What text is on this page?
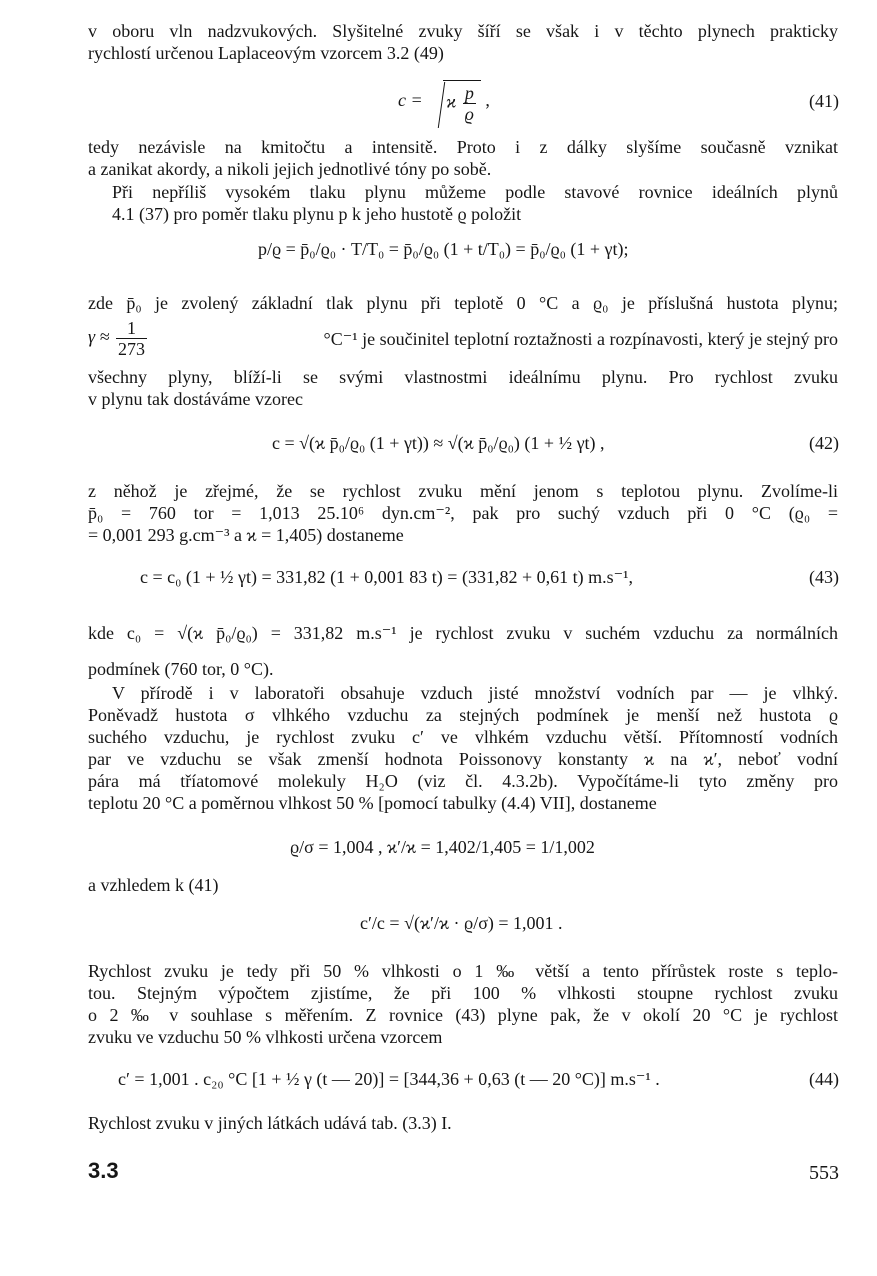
v oboru vln nadzvukových. Slyšitelné zvuky šíří se však i v těchto plynech prakticky
rychlostí určenou Laplaceovým vzorcem 3.2 (49)

c = ϰ $\frac{p}{ϱ}$ ,	(41)

tedy nezávisle na kmitočtu a intensitě. Proto i z dálky slyšíme současně vznikat
a zanikat akordy, a nikoli jejich jednotlivé tóny po sobě.

Při nepříliš vysokém tlaku plynu můžeme podle stavové rovnice ideálních plynů
4.1 (37) pro poměr tlaku plynu p k jeho hustotě ϱ položit

p/ϱ = p̄₀/ϱ₀ · T/T₀ = p̄₀/ϱ₀ (1 + t/T₀) = p̄₀/ϱ₀ (1 + γt);

zde p̄₀ je zvolený základní tlak plynu při teplotě 0 °C a ϱ₀ je příslušná hustota plynu;

$\gamma \approx \frac{1}{273}$	°C⁻¹ je součinitel teplotní roztažnosti a rozpínavosti, který je stejný pro

všechny plyny, blíží-li se svými vlastnostmi ideálnímu plynu. Pro rychlost zvuku
v plynu tak dostáváme vzorec

c = √(ϰ p̄₀/ϱ₀ (1 + γt)) ≈ √(ϰ p̄₀/ϱ₀) (1 + ½ γt) ,	(42)

z něhož je zřejmé, že se rychlost zvuku mění jenom s teplotou plynu. Zvolíme-li
p̄₀ = 760 tor = 1,013 25.10⁶ dyn.cm⁻², pak pro suchý vzduch při 0 °C (ϱ₀ =
= 0,001 293 g.cm⁻³ a ϰ = 1,405) dostaneme

c = c₀ (1 + ½ γt) = 331,82 (1 + 0,001 83 t) = (331,82 + 0,61 t) m.s⁻¹,	(43)

kde c₀ = √(ϰ p̄₀/ϱ₀) = 331,82 m.s⁻¹ je rychlost zvuku v suchém vzduchu za normálních

podmínek (760 tor, 0 °C).

V přírodě i v laboratoři obsahuje vzduch jisté množství vodních par — je vlhký.

Poněvadž hustota σ vlhkého vzduchu za stejných podmínek je menší než hustota ϱ
suchého vzduchu, je rychlost zvuku c′ ve vlhkém vzduchu větší. Přítomností vodních
par ve vzduchu se však zmenší hodnota Poissonovy konstanty ϰ na ϰ′, neboť vodní
pára má tříatomové molekuly H₂O (viz čl. 4.3.2b). Vypočítáme-li tyto změny pro
teplotu 20 °C a poměrnou vlhkost 50 % [pomocí tabulky (4.4) VII], dostaneme

ϱ/σ = 1,004 , ϰ′/ϰ = 1,402/1,405 = 1/1,002

a vzhledem k (41)

c′/c = √(ϰ′/ϰ · ϱ/σ) = 1,001 .

Rychlost zvuku je tedy při 50 % vlhkosti o 1 ‰ větší a tento přírůstek roste s teplo-
tou. Stejným výpočtem zjistíme, že při 100 % vlhkosti stoupne rychlost zvuku
o 2 ‰ v souhlase s měřením. Z rovnice (43) plyne pak, že v okolí 20 °C je rychlost
zvuku ve vzduchu 50 % vlhkosti určena vzorcem

c′ = 1,001 . c₂₀ °C [1 + ½ γ (t — 20)] = [344,36 + 0,63 (t — 20 °C)] m.s⁻¹ .	(44)

Rychlost zvuku v jiných látkách udává tab. (3.3) I.

3.3	553
